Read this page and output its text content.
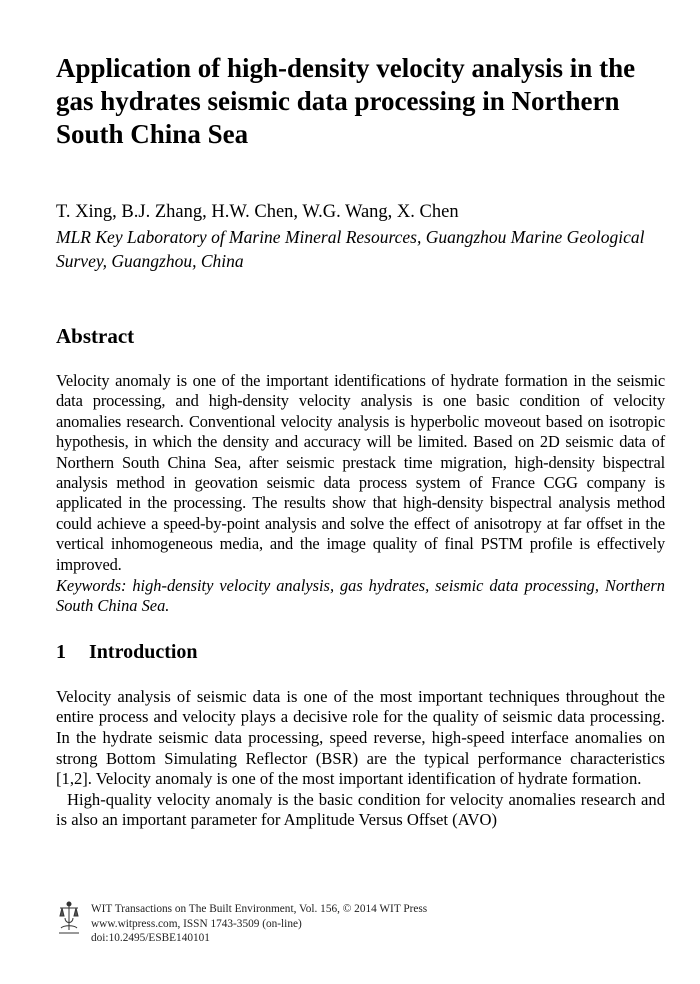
Application of high-density velocity analysis in the gas hydrates seismic data processing in Northern South China Sea
T. Xing, B.J. Zhang, H.W. Chen, W.G. Wang, X. Chen
MLR Key Laboratory of Marine Mineral Resources, Guangzhou Marine Geological Survey, Guangzhou, China
Abstract
Velocity anomaly is one of the important identifications of hydrate formation in the seismic data processing, and high-density velocity analysis is one basic condition of velocity anomalies research. Conventional velocity analysis is hyperbolic moveout based on isotropic hypothesis, in which the density and accuracy will be limited. Based on 2D seismic data of Northern South China Sea, after seismic prestack time migration, high-density bispectral analysis method in geovation seismic data process system of France CGG company is applicated in the processing. The results show that high-density bispectral analysis method could achieve a speed-by-point analysis and solve the effect of anisotropy at far offset in the vertical inhomogeneous media, and the image quality of final PSTM profile is effectively improved.
Keywords: high-density velocity analysis, gas hydrates, seismic data processing, Northern South China Sea.
1 Introduction

Velocity analysis of seismic data is one of the most important techniques throughout the entire process and velocity plays a decisive role for the quality of seismic data processing. In the hydrate seismic data processing, speed reverse, high-speed interface anomalies on strong Bottom Simulating Reflector (BSR) are the typical performance characteristics [1,2]. Velocity anomaly is one of the most important identification of hydrate formation.

High-quality velocity anomaly is the basic condition for velocity anomalies research and is also an important parameter for Amplitude Versus Offset (AVO)

WIT Transactions on The Built Environment, Vol. 156, © 2014 WIT Press
www.witpress.com, ISSN 1743-3509 (on-line)
doi:10.2495/ESBE140101
